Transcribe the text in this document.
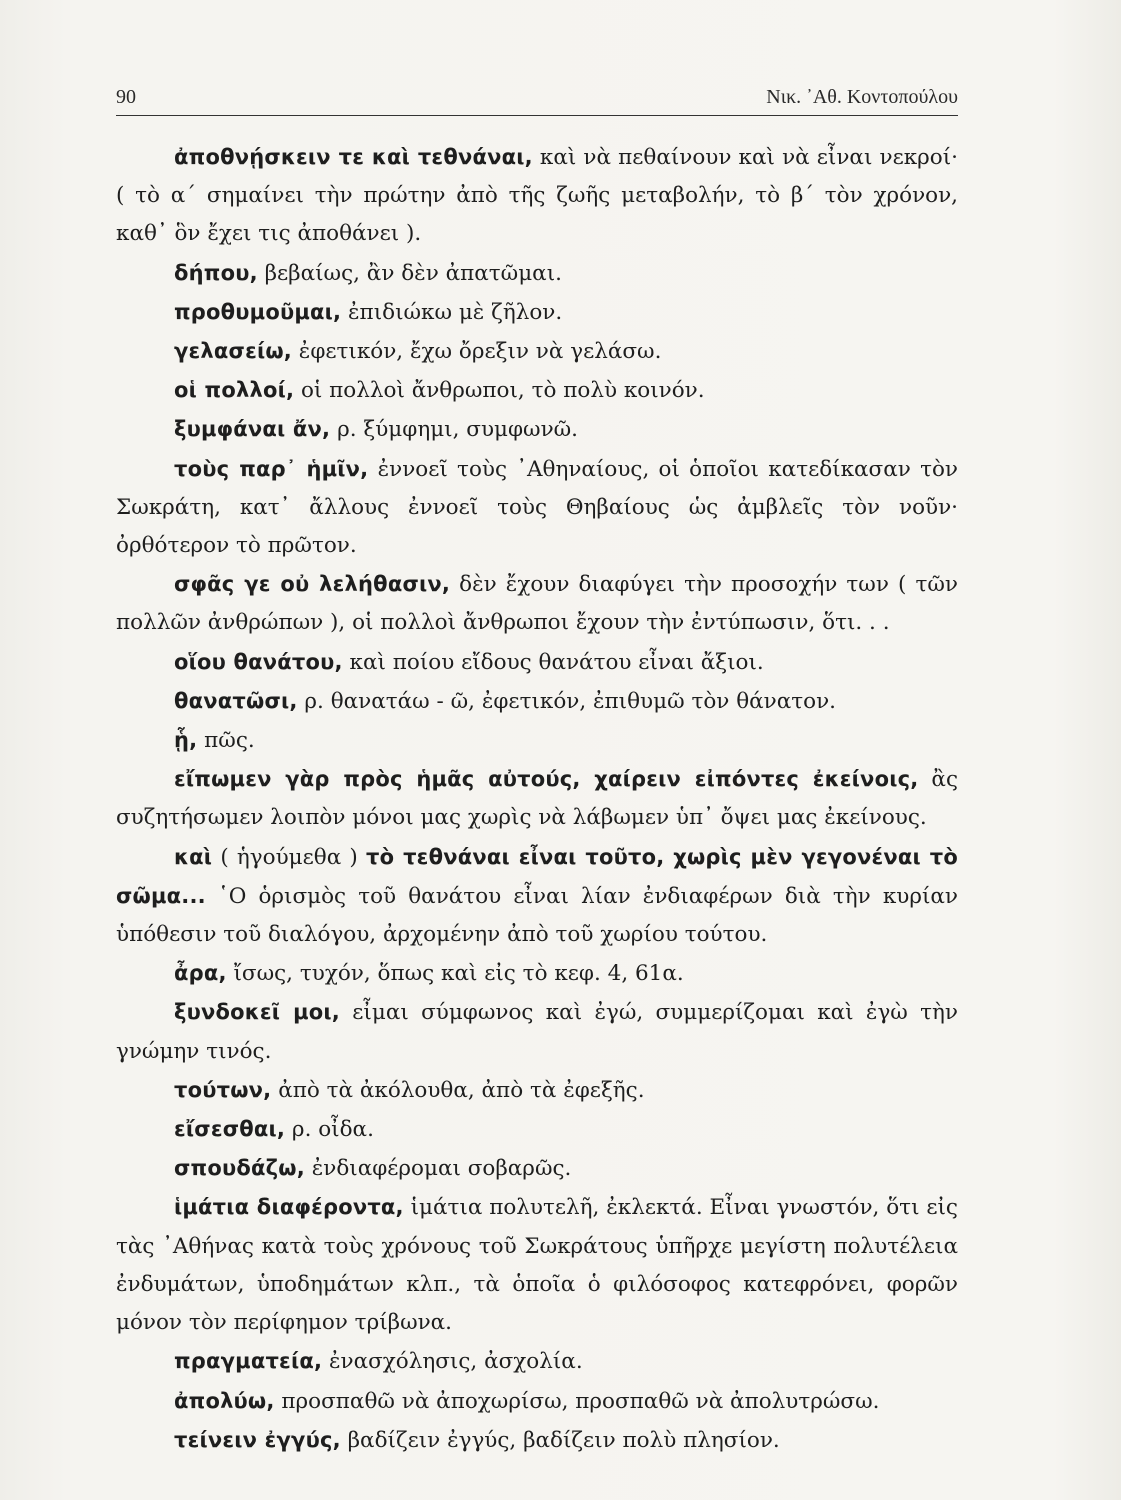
90	Νικ. ᾿Αθ. Κοντοπούλου

ἀποθνῄσκειν τε καὶ τεθνάναι, καὶ νὰ πεθαίνουν καὶ νὰ εἶναι νεκροί· ( τὸ α΄ σημαίνει τὴν πρώτην ἀπὸ τῆς ζωῆς μεταβολήν, τὸ β΄ τὸν χρόνον, καθ᾿ ὃν ἔχει τις ἀποθάνει ).

δήπου, βεβαίως, ἂν δὲν ἀπατῶμαι.

προθυμοῦμαι, ἐπιδιώκω μὲ ζῆλον.

γελασείω, ἐφετικόν, ἔχω ὄρεξιν νὰ γελάσω.

οἱ πολλοί, οἱ πολλοὶ ἄνθρωποι, τὸ πολὺ κοινόν.

ξυμφάναι ἄν, ρ. ξύμφημι, συμφωνῶ.

τοὺς παρ᾿ ἡμῖν, ἐννοεῖ τοὺς ᾿Αθηναίους, οἱ ὁποῖοι κατεδίκασαν τὸν Σωκράτη, κατ᾿ ἄλλους ἐννοεῖ τοὺς Θηβαίους ὡς ἀμβλεῖς τὸν νοῦν· ὀρθότερον τὸ πρῶτον.

σφᾶς γε οὐ λελήθασιν, δὲν ἔχουν διαφύγει τὴν προσοχήν των ( τῶν πολλῶν ἀνθρώπων ), οἱ πολλοὶ ἄνθρωποι ἔχουν τὴν ἐντύπωσιν, ὅτι. . .

οἵου θανάτου, καὶ ποίου εἴδους θανάτου εἶναι ἄξιοι.

θανατῶσι, ρ. θανατάω - ῶ, ἐφετικόν, ἐπιθυμῶ τὸν θάνατον.

ᾗ, πῶς.

εἴπωμεν γὰρ πρὸς ἡμᾶς αὐτούς, χαίρειν εἰπόντες ἐκείνοις, ἂς συζητήσωμεν λοιπὸν μόνοι μας χωρὶς νὰ λάβωμεν ὑπ᾿ ὄψει μας ἐκείνους.

καὶ ( ἡγούμεθα ) τὸ τεθνάναι εἶναι τοῦτο, χωρὶς μὲν γεγονέναι τὸ σῶμα... ῾Ο ὁρισμὸς τοῦ θανάτου εἶναι λίαν ἐνδιαφέρων διὰ τὴν κυρίαν ὑπόθεσιν τοῦ διαλόγου, ἀρχομένην ἀπὸ τοῦ χωρίου τούτου.

ἆρα, ἴσως, τυχόν, ὅπως καὶ εἰς τὸ κεφ. 4, 61α.

ξυνδοκεῖ μοι, εἶμαι σύμφωνος καὶ ἐγώ, συμμερίζομαι καὶ ἐγὼ τὴν γνώμην τινός.

τούτων, ἀπὸ τὰ ἀκόλουθα, ἀπὸ τὰ ἐφεξῆς.

εἴσεσθαι, ρ. οἶδα.

σπουδάζω, ἐνδιαφέρομαι σοβαρῶς.

ἱμάτια διαφέροντα, ἱμάτια πολυτελῆ, ἐκλεκτά. Εἶναι γνωστόν, ὅτι εἰς τὰς ᾿Αθήνας κατὰ τοὺς χρόνους τοῦ Σωκράτους ὑπῆρχε μεγίστη πολυτέλεια ἐνδυμάτων, ὑποδημάτων κλπ., τὰ ὁποῖα ὁ φιλόσοφος κατεφρόνει, φορῶν μόνον τὸν περίφημον τρίβωνα.

πραγματεία, ἐνασχόλησις, ἀσχολία.

ἀπολύω, προσπαθῶ νὰ ἀποχωρίσω, προσπαθῶ νὰ ἀπολυτρώσω.

τείνειν ἐγγύς, βαδίζειν ἐγγύς, βαδίζειν πολὺ πλησίον.
